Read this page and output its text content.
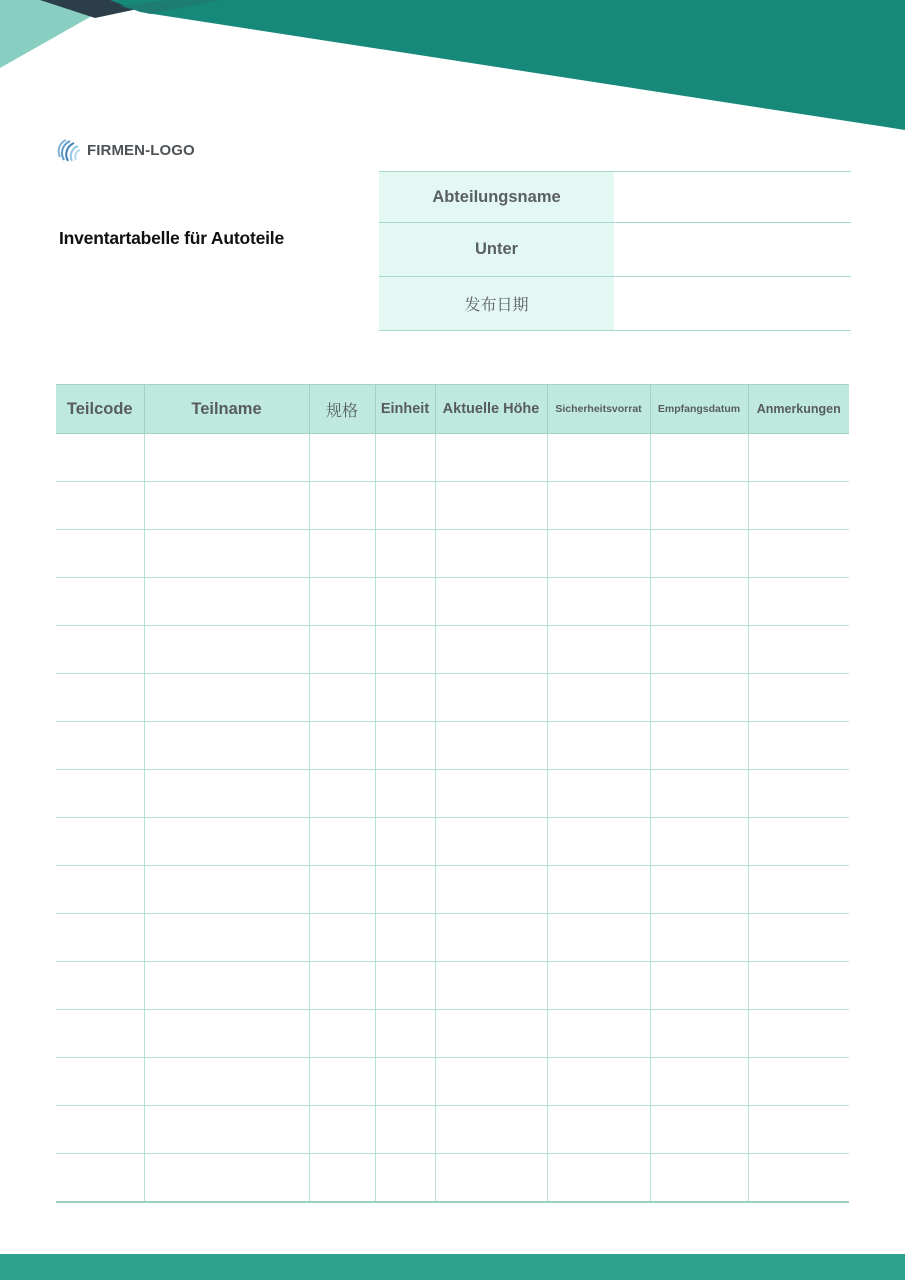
FIRMEN-LOGO
Inventartabelle für Autoteile
Abteilungsname	
Unter	
发布日期	
Teilcode	Teilname	规格	Einheit	Aktuelle Höhe	Sicherheitsvorrat	Empfangsdatum	Anmerkungen
